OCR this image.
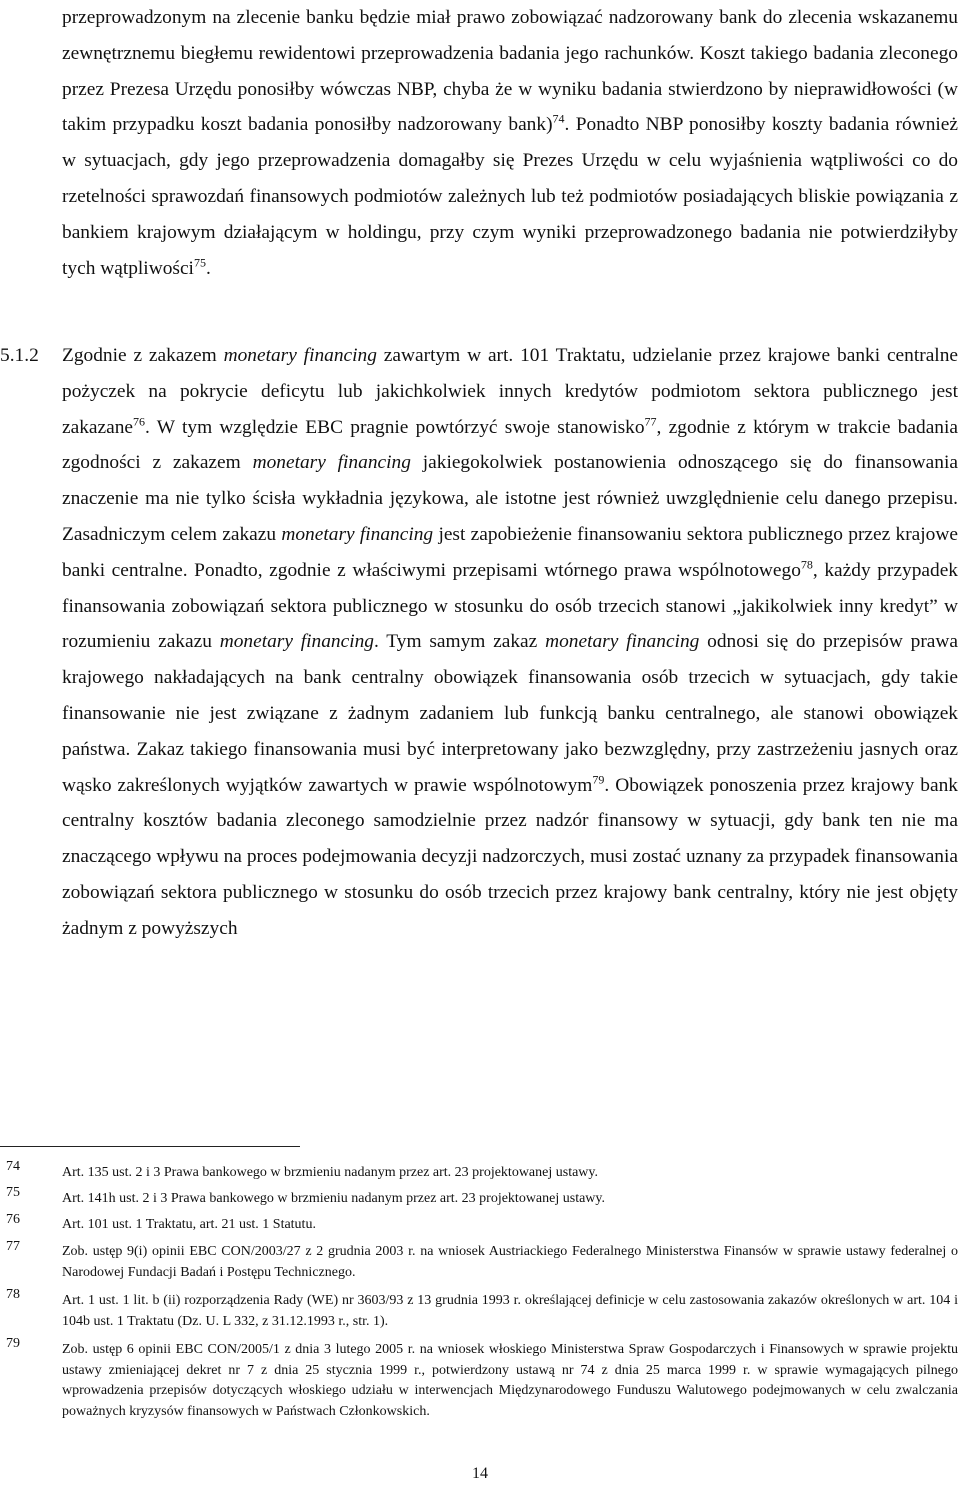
przeprowadzonym na zlecenie banku będzie miał prawo zobowiązać nadzorowany bank do zlecenia wskazanemu zewnętrznemu biegłemu rewidentowi przeprowadzenia badania jego rachunków. Koszt takiego badania zleconego przez Prezesa Urzędu ponosiłby wówczas NBP, chyba że w wyniku badania stwierdzono by nieprawidłowości (w takim przypadku koszt badania ponosiłby nadzorowany bank)$^{74}$. Ponadto NBP ponosiłby koszty badania również w sytuacjach, gdy jego przeprowadzenia domagałby się Prezes Urzędu w celu wyjaśnienia wątpliwości co do rzetelności sprawozdań finansowych podmiotów zależnych lub też podmiotów posiadających bliskie powiązania z bankiem krajowym działającym w holdingu, przy czym wyniki przeprowadzonego badania nie potwierdziłyby tych wątpliwości$^{75}$.

5.1.2 Zgodnie z zakazem monetary financing zawartym w art. 101 Traktatu, udzielanie przez krajowe banki centralne pożyczek na pokrycie deficytu lub jakichkolwiek innych kredytów podmiotom sektora publicznego jest zakazane$^{76}$. W tym względzie EBC pragnie powtórzyć swoje stanowisko$^{77}$, zgodnie z którym w trakcie badania zgodności z zakazem monetary financing jakiegokolwiek postanowienia odnoszącego się do finansowania znaczenie ma nie tylko ścisła wykładnia językowa, ale istotne jest również uwzględnienie celu danego przepisu. Zasadniczym celem zakazu monetary financing jest zapobieżenie finansowaniu sektora publicznego przez krajowe banki centralne. Ponadto, zgodnie z właściwymi przepisami wtórnego prawa wspólnotowego$^{78}$, każdy przypadek finansowania zobowiązań sektora publicznego w stosunku do osób trzecich stanowi „jakikolwiek inny kredyt” w rozumieniu zakazu monetary financing. Tym samym zakaz monetary financing odnosi się do przepisów prawa krajowego nakładających na bank centralny obowiązek finansowania osób trzecich w sytuacjach, gdy takie finansowanie nie jest związane z żadnym zadaniem lub funkcją banku centralnego, ale stanowi obowiązek państwa. Zakaz takiego finansowania musi być interpretowany jako bezwzględny, przy zastrzeżeniu jasnych oraz wąsko zakreślonych wyjątków zawartych w prawie wspólnotowym$^{79}$. Obowiązek ponoszenia przez krajowy bank centralny kosztów badania zleconego samodzielnie przez nadzór finansowy w sytuacji, gdy bank ten nie ma znaczącego wpływu na proces podejmowania decyzji nadzorczych, musi zostać uznany za przypadek finansowania zobowiązań sektora publicznego w stosunku do osób trzecich przez krajowy bank centralny, który nie jest objęty żadnym z powyższych

74	Art. 135 ust. 2 i 3 Prawa bankowego w brzmieniu nadanym przez art. 23 projektowanej ustawy.

75	Art. 141h ust. 2 i 3 Prawa bankowego w brzmieniu nadanym przez art. 23 projektowanej ustawy.

76	Art. 101 ust. 1 Traktatu, art. 21 ust. 1 Statutu.

77	Zob. ustęp 9(i) opinii EBC CON/2003/27 z 2 grudnia 2003 r. na wniosek Austriackiego Federalnego Ministerstwa Finansów w sprawie ustawy federalnej o Narodowej Fundacji Badań i Postępu Technicznego.

78	Art. 1 ust. 1 lit. b (ii) rozporządzenia Rady (WE) nr 3603/93 z 13 grudnia 1993 r. określającej definicje w celu zastosowania zakazów określonych w art. 104 i 104b ust. 1 Traktatu (Dz. U. L 332, z 31.12.1993 r., str. 1).

79	Zob. ustęp 6 opinii EBC CON/2005/1 z dnia 3 lutego 2005 r. na wniosek włoskiego Ministerstwa Spraw Gospodarczych i Finansowych w sprawie projektu ustawy zmieniającej dekret nr 7 z dnia 25 stycznia 1999 r., potwierdzony ustawą nr 74 z dnia 25 marca 1999 r. w sprawie wymagających pilnego wprowadzenia przepisów dotyczących włoskiego udziału w interwencjach Międzynarodowego Funduszu Walutowego podejmowanych w celu zwalczania poważnych kryzysów finansowych w Państwach Członkowskich.

14
